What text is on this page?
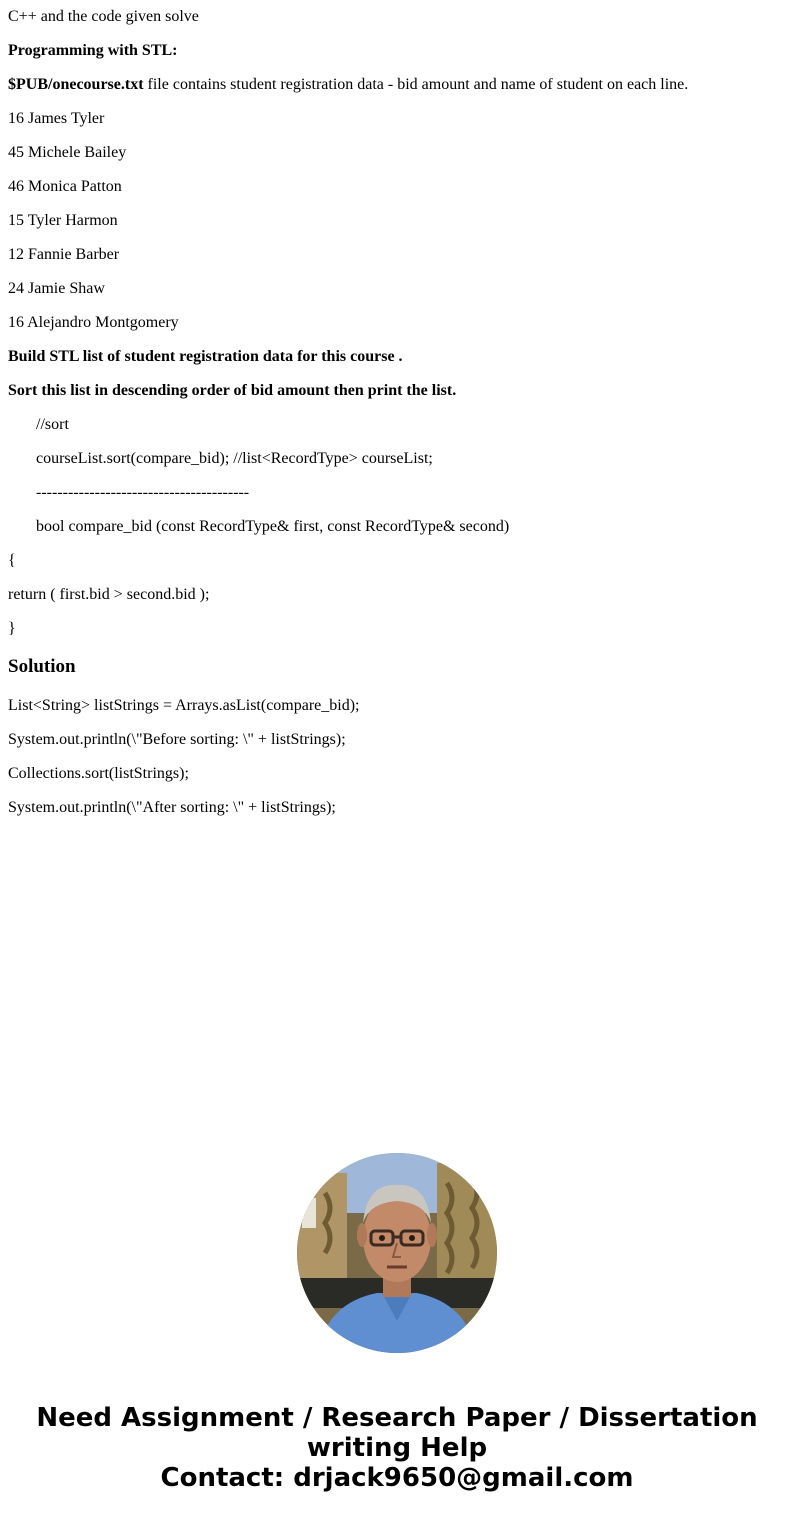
C++ and the code given solve

Programming with STL:

$PUB/onecourse.txt file contains student registration data - bid amount and name of student on each line.

16 James Tyler

45 Michele Bailey

46 Monica Patton

15 Tyler Harmon

12 Fannie Barber

24 Jamie Shaw

16 Alejandro Montgomery

Build STL list of student registration data for this course .

Sort this list in descending order of bid amount then print the list.

//sort

courseList.sort(compare_bid); //list<RecordType> courseList;

----------------------------------------

bool compare_bid (const RecordType& first, const RecordType& second)

{

return ( first.bid > second.bid );

}

Solution

List<String> listStrings = Arrays.asList(compare_bid);

System.out.println(\"Before sorting: \" + listStrings);

Collections.sort(listStrings);

System.out.println(\"After sorting: \" + listStrings);

Need Assignment / Research Paper / Dissertation
writing Help
Contact: drjack9650@gmail.com
